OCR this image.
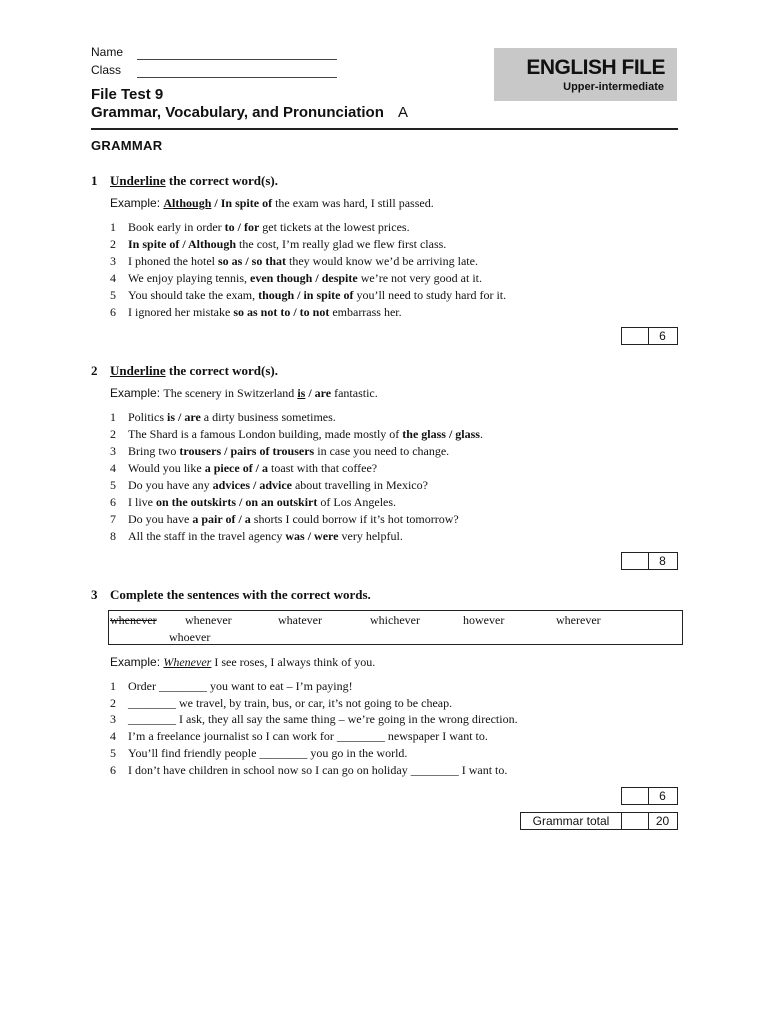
Name
Class	ENGLISH FILE
Upper-intermediate
File Test 9
Grammar, Vocabulary, and Pronunciation A
GRAMMAR
1 Underline the correct word(s).
Example: Although / In spite of the exam was hard, I still passed.
1 Book early in order to / for get tickets at the lowest prices.
2 In spite of / Although the cost, I’m really glad we flew first class.
3 I phoned the hotel so as / so that they would know we’d be arriving late.
4 We enjoy playing tennis, even though / despite we’re not very good at it.
5 You should take the exam, though / in spite of you’ll need to study hard for it.
6 I ignored her mistake so as not to / to not embarrass her.
6
2 Underline the correct word(s).
Example: The scenery in Switzerland is / are fantastic.
1 Politics is / are a dirty business sometimes.
2 The Shard is a famous London building, made mostly of the glass / glass.
3 Bring two trousers / pairs of trousers in case you need to change.
4 Would you like a piece of / a toast with that coffee?
5 Do you have any advices / advice about travelling in Mexico?
6 I live on the outskirts / on an outskirt of Los Angeles.
7 Do you have a pair of / a shorts I could borrow if it’s hot tomorrow?
8 All the staff in the travel agency was / were very helpful.
8
3 Complete the sentences with the correct words.
whenever whenever	whatever	whichever	however	wherever
whoever
Example: Whenever I see roses, I always think of you.
1 Order ________ you want to eat – I’m paying!
2 ________ we travel, by train, bus, or car, it’s not going to be cheap.
3 ________ I ask, they all say the same thing – we’re going in the wrong direction.
4 I’m a freelance journalist so I can work for ________ newspaper I want to.
5 You’ll find friendly people ________ you go in the world.
6 I don’t have children in school now so I can go on holiday ________ I want to.
6
Grammar total	20
